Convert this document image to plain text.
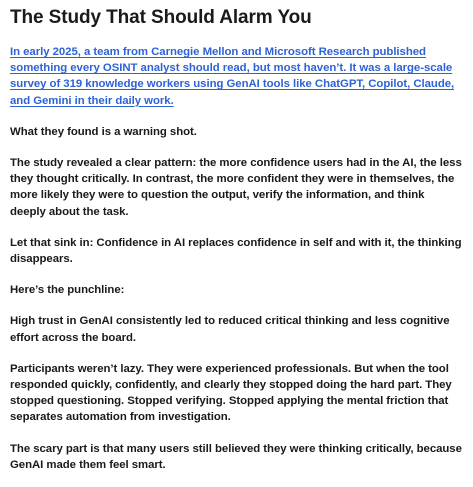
The Study That Should Alarm You

In early 2025, a team from Carnegie Mellon and Microsoft Research published something every OSINT analyst should read, but most haven’t. It was a large-scale survey of 319 knowledge workers using GenAI tools like ChatGPT, Copilot, Claude, and Gemini in their daily work.

What they found is a warning shot.

The study revealed a clear pattern: the more confidence users had in the AI, the less they thought critically. In contrast, the more confident they were in themselves, the more likely they were to question the output, verify the information, and think deeply about the task.

Let that sink in: Confidence in AI replaces confidence in self and with it, the thinking disappears.

Here’s the punchline:

High trust in GenAI consistently led to reduced critical thinking and less cognitive effort across the board.

Participants weren’t lazy. They were experienced professionals. But when the tool responded quickly, confidently, and clearly they stopped doing the hard part. They stopped questioning. Stopped verifying. Stopped applying the mental friction that separates automation from investigation.

The scary part is that many users still believed they were thinking critically, because GenAI made them feel smart.
